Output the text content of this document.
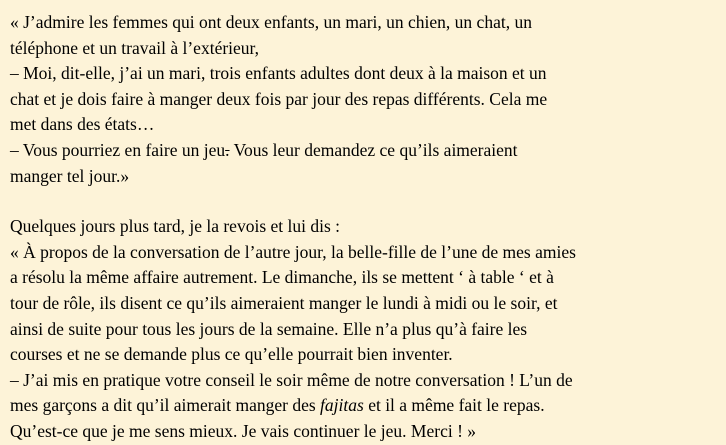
« J’admire les femmes qui ont deux enfants, un mari, un chien, un chat, un
téléphone et un travail à l’extérieur,
– Moi, dit-elle, j’ai un mari, trois enfants adultes dont deux à la maison et un
chat et je dois faire à manger deux fois par jour des repas différents. Cela me
met dans des états…

– Vous pourriez en faire un jeu. Vous leur demandez ce qu’ils aimeraient
manger tel jour.»

Quelques jours plus tard, je la revois et lui dis :
« À propos de la conversation de l’autre jour, la belle-fille de l’une de mes amies
a résolu la même affaire autrement. Le dimanche, ils se mettent ‘ à table ‘ et à
tour de rôle, ils disent ce qu’ils aimeraient manger le lundi à midi ou le soir, et
ainsi de suite pour tous les jours de la semaine. Elle n’a plus qu’à faire les
courses et ne se demande plus ce qu’elle pourrait bien inventer.

– J’ai mis en pratique votre conseil le soir même de notre conversation ! L’un de
mes garçons a dit qu’il aimerait manger des fajitas et il a même fait le repas.
Qu’est-ce que je me sens mieux. Je vais continuer le jeu. Merci ! »
